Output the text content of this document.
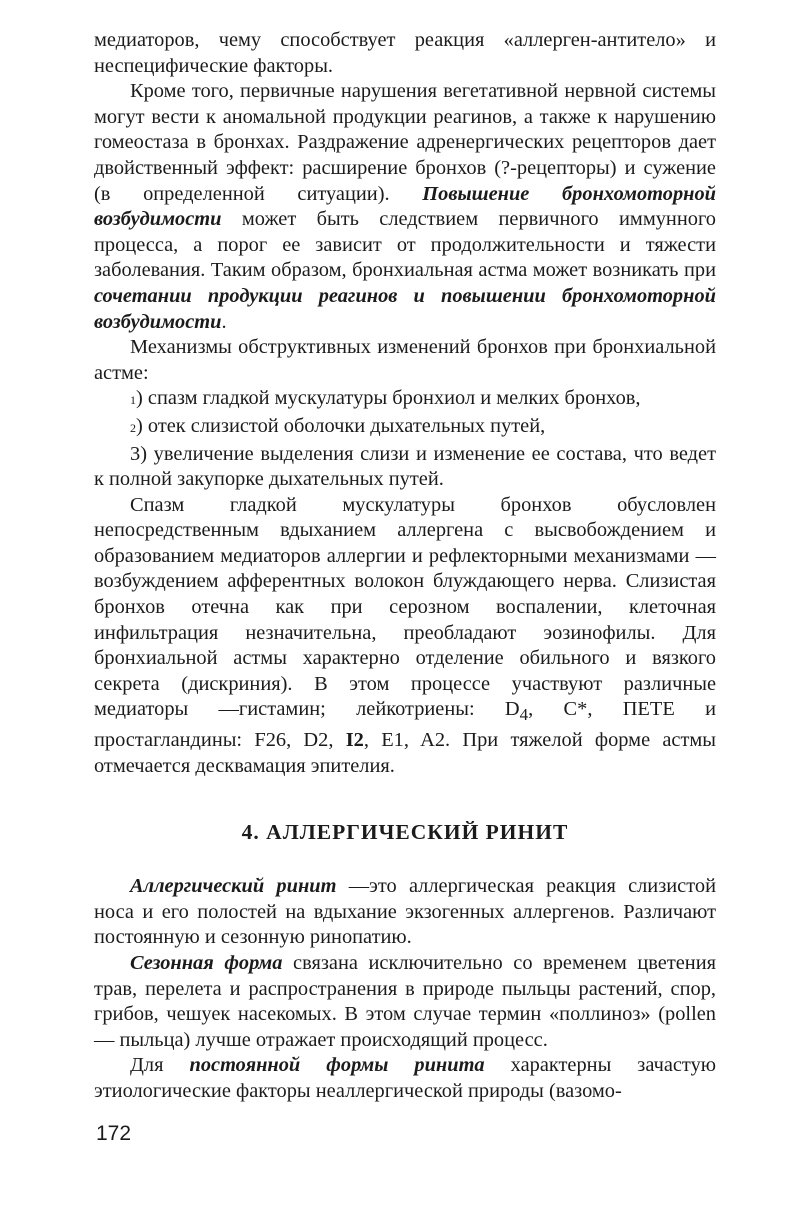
медиаторов, чему способствует реакция «аллерген-антитело» и неспецифические факторы.

Кроме того, первичные нарушения вегетативной нервной системы могут вести к аномальной продукции реагинов, а также к нарушению гомеостаза в бронхах. Раздражение адренергических рецепторов дает двойственный эффект: расширение бронхов (?-рецепторы) и сужение (в определенной ситуации). Повышение бронхомоторной возбудимости может быть следствием первичного иммунного процесса, а порог ее зависит от продолжительности и тяжести заболевания. Таким образом, бронхиальная астма может возникать при сочетании продукции реагинов и повышении бронхомоторной возбудимости.

Механизмы обструктивных изменений бронхов при бронхиальной астме:

1) спазм гладкой мускулатуры бронхиол и мелких бронхов,

2) отек слизистой оболочки дыхательных путей,

3) увеличение выделения слизи и изменение ее состава, что ведет к полной закупорке дыхательных путей.

Спазм гладкой мускулатуры бронхов обусловлен непосредственным вдыханием аллергена с высвобождением и образованием медиаторов аллергии и рефлекторными механизмами — возбуждением афферентных волокон блуждающего нерва. Слизистая бронхов отечна как при серозном воспалении, клеточная инфильтрация незначительна, преобладают эозинофилы. Для бронхиальной астмы характерно отделение обильного и вязкого секрета (дискриния). В этом процессе участвуют различные медиаторы —гистамин; лейкотриены: $D_4$, C*, ПЕТЕ и простагландины: F26, D2, I2, E1, A2. При тяжелой форме астмы отмечается десквамация эпителия.

4. АЛЛЕРГИЧЕСКИЙ РИНИТ

Аллергический ринит —это аллергическая реакция слизистой носа и его полостей на вдыхание экзогенных аллергенов. Различают постоянную и сезонную ринопатию.

Сезонная форма связана исключительно со временем цветения трав, перелета и распространения в природе пыльцы растений, спор, грибов, чешуек насекомых. В этом случае термин «поллиноз» (pollen — пыльца) лучше отражает происходящий процесс.

Для постоянной формы ринита характерны зачастую этиологические факторы неаллергической природы (вазомо-

172
